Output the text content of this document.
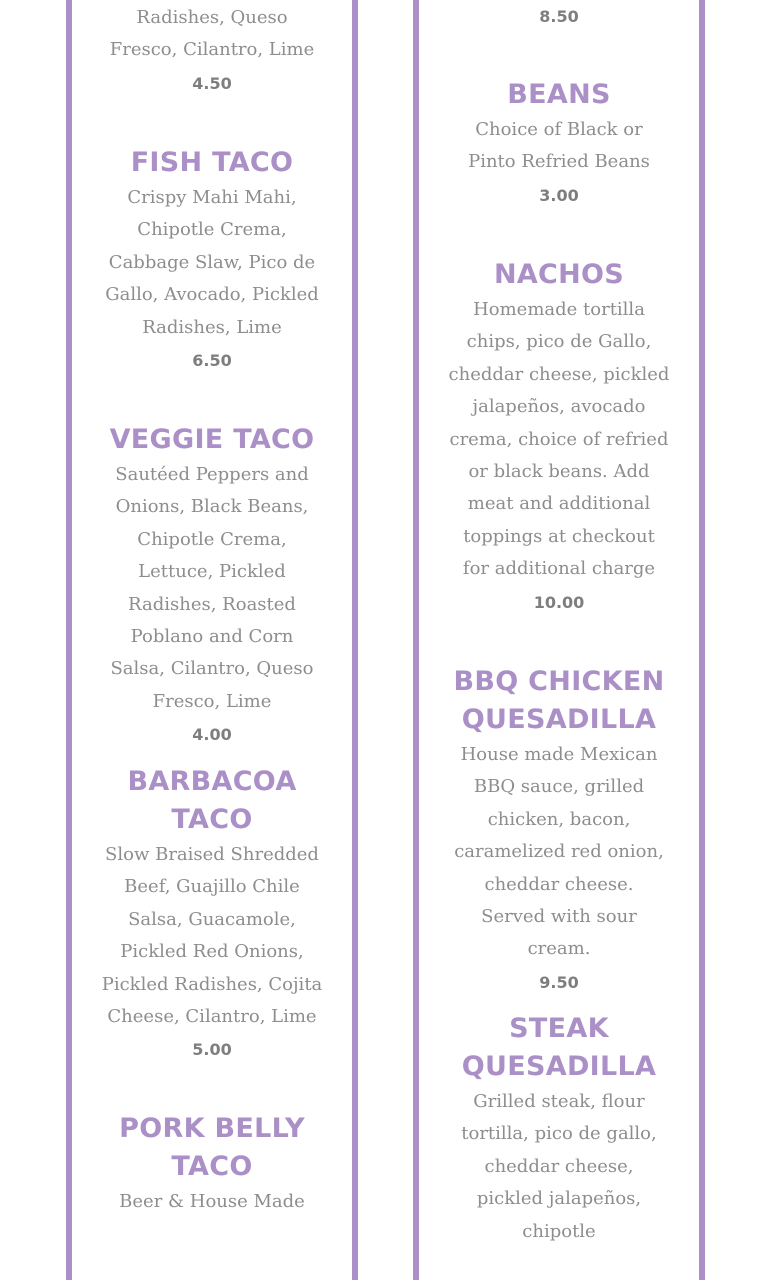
Radishes, Queso Fresco, Cilantro, Lime
4.50
FISH TACO
Crispy Mahi Mahi, Chipotle Crema, Cabbage Slaw, Pico de Gallo, Avocado, Pickled Radishes, Lime
6.50
VEGGIE TACO
Sautéed Peppers and Onions, Black Beans, Chipotle Crema, Lettuce, Pickled Radishes, Roasted Poblano and Corn Salsa, Cilantro, Queso Fresco, Lime
4.00
BARBACOA TACO
Slow Braised Shredded Beef, Guajillo Chile Salsa, Guacamole, Pickled Red Onions, Pickled Radishes, Cojita Cheese, Cilantro, Lime
5.00
PORK BELLY TACO
Beer & House Made
8.50
BEANS
Choice of Black or Pinto Refried Beans
3.00
NACHOS
Homemade tortilla chips, pico de Gallo, cheddar cheese, pickled jalapeños, avocado crema, choice of refried or black beans. Add meat and additional toppings at checkout for additional charge
10.00
BBQ CHICKEN QUESADILLA
House made Mexican BBQ sauce, grilled chicken, bacon, caramelized red onion, cheddar cheese. Served with sour cream.
9.50
STEAK QUESADILLA
Grilled steak, flour tortilla, pico de gallo, cheddar cheese, pickled jalapeños, chipotle
